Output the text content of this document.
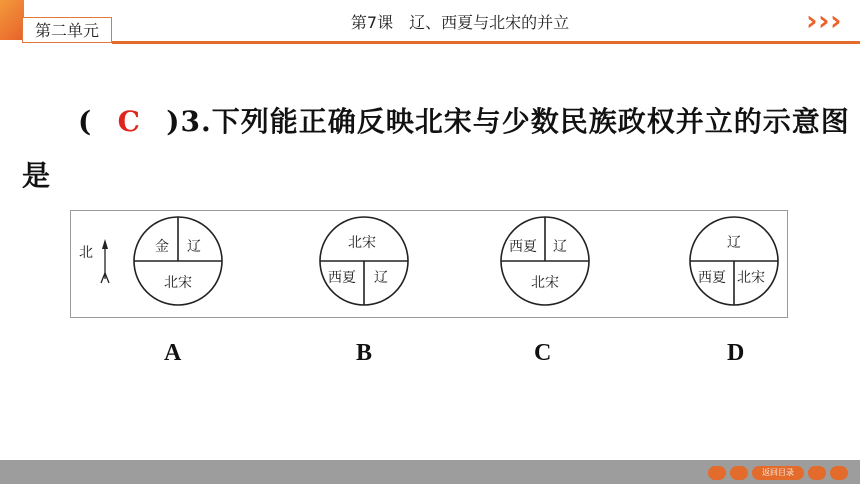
第二单元	第7课　辽、西夏与北宋的并立	› › ›
( C )3.下列能正确反映北宋与少数民族政权并立的示意图
是
北	金 辽
北宋
北宋
西夏 辽
西夏 辽
北宋
辽
西夏 北宋
A	B	C	D
返回目录
